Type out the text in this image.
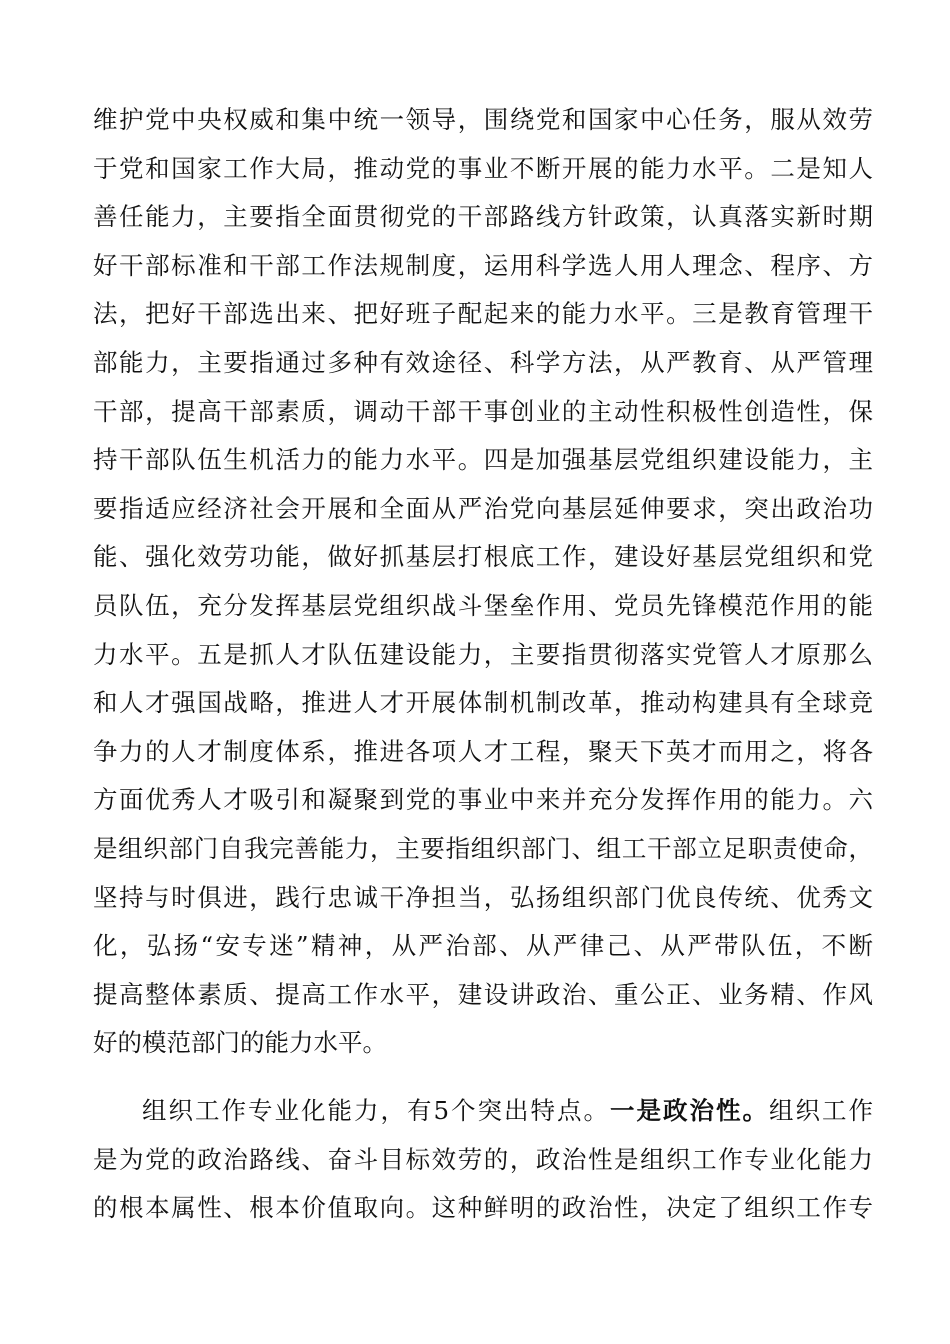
维护党中央权威和集中统一领导，围绕党和国家中心任务，服从效劳
于党和国家工作大局，推动党的事业不断开展的能力水平。二是知人
善任能力，主要指全面贯彻党的干部路线方针政策，认真落实新时期
好干部标准和干部工作法规制度，运用科学选人用人理念、程序、方
法，把好干部选出来、把好班子配起来的能力水平。三是教育管理干
部能力，主要指通过多种有效途径、科学方法，从严教育、从严管理
干部，提高干部素质，调动干部干事创业的主动性积极性创造性，保
持干部队伍生机活力的能力水平。四是加强基层党组织建设能力，主
要指适应经济社会开展和全面从严治党向基层延伸要求，突出政治功
能、强化效劳功能，做好抓基层打根底工作，建设好基层党组织和党
员队伍，充分发挥基层党组织战斗堡垒作用、党员先锋模范作用的能
力水平。五是抓人才队伍建设能力，主要指贯彻落实党管人才原那么
和人才强国战略，推进人才开展体制机制改革，推动构建具有全球竞
争力的人才制度体系，推进各项人才工程，聚天下英才而用之，将各
方面优秀人才吸引和凝聚到党的事业中来并充分发挥作用的能力。六
是组织部门自我完善能力，主要指组织部门、组工干部立足职责使命，
坚持与时俱进，践行忠诚干净担当，弘扬组织部门优良传统、优秀文
化，弘扬“安专迷”精神，从严治部、从严律己、从严带队伍，不断
提高整体素质、提高工作水平，建设讲政治、重公正、业务精、作风
好的模范部门的能力水平。
组织工作专业化能力，有5个突出特点。一是政治性。组织工作
是为党的政治路线、奋斗目标效劳的，政治性是组织工作专业化能力
的根本属性、根本价值取向。这种鲜明的政治性，决定了组织工作专
